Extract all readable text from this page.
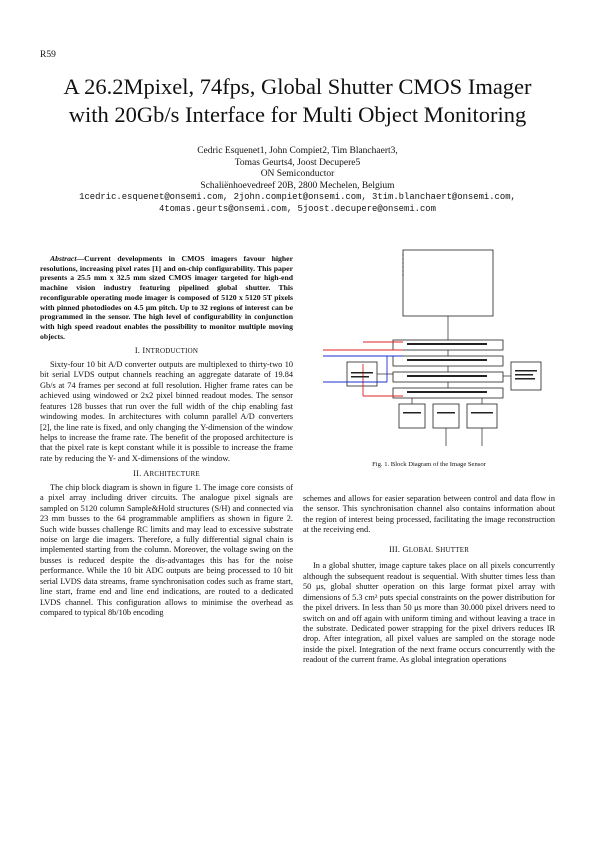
R59
A 26.2Mpixel, 74fps, Global Shutter CMOS Imager
with 20Gb/s Interface for Multi Object Monitoring
Cedric Esquenet1, John Compiet2, Tim Blanchaert3,
Tomas Geurts4, Joost Decupere5
ON Semiconductor
Schaliënhoevedreef 20B, 2800 Mechelen, Belgium
1cedric.esquenet@onsemi.com, 2john.compiet@onsemi.com, 3tim.blanchaert@onsemi.com,
4tomas.geurts@onsemi.com, 5joost.decupere@onsemi.com
Abstract—Current developments in CMOS imagers favour higher resolutions, increasing pixel rates [1] and on-chip configurability. This paper presents a 25.5 mm x 32.5 mm sized CMOS imager targeted for high-end machine vision industry featuring pipelined global shutter. This reconfigurable operating mode imager is composed of 5120 x 5120 5T pixels with pinned photodiodes on 4.5 μm pitch. Up to 32 regions of interest can be programmed in the sensor. The high level of configurability in conjunction with high speed readout enables the possibility to monitor multiple moving objects.
I. INTRODUCTION

Sixty-four 10 bit A/D converter outputs are multiplexed to thirty-two 10 bit serial LVDS output channels reaching an aggregate datarate of 19.84 Gb/s at 74 frames per second at full resolution. Higher frame rates can be achieved using windowed or 2x2 pixel binned readout modes. The sensor features 128 busses that run over the full width of the chip enabling fast windowing modes. In architectures with column parallel A/D converters [2], the line rate is fixed, and only changing the Y-dimension of the window helps to increase the frame rate. The benefit of the proposed architecture is that the pixel rate is kept constant while it is possible to increase the frame rate by reducing the Y- and X-dimensions of the window.

II. ARCHITECTURE

The chip block diagram is shown in figure 1. The image core consists of a pixel array including driver circuits. The analogue pixel signals are sampled on 5120 column Sample&Hold structures (S/H) and connected via 23 mm busses to the 64 programmable amplifiers as shown in figure 2. Such wide busses challenge RC limits and may lead to excessive substrate noise on large die imagers. Therefore, a fully differential signal chain is implemented starting from the column. Moreover, the voltage swing on the busses is reduced despite the dis-advantages this has for the noise performance. While the 10 bit ADC outputs are being processed to 10 bit serial LVDS data streams, frame synchronisation codes such as frame start, line start, frame end and line end indications, are routed to a dedicated LVDS channel. This configuration allows to minimise the overhead as compared to typical 8b/10b encoding

Fig. 1. Block Diagram of the Image Sensor
schemes and allows for easier separation between control and data flow in the sensor. This synchronisation channel also contains information about the region of interest being processed, facilitating the image reconstruction at the receiving end.
III. GLOBAL SHUTTER

In a global shutter, image capture takes place on all pixels concurrently although the subsequent readout is sequential. With shutter times less than 50 μs, global shutter operation on this large format pixel array with dimensions of 5.3 cm² puts special constraints on the power distribution for the pixel drivers. In less than 50 μs more than 30.000 pixel drivers need to switch on and off again with uniform timing and without leaving a trace in the substrate. Dedicated power strapping for the pixel drivers reduces IR drop. After integration, all pixel values are sampled on the storage node inside the pixel. Integration of the next frame occurs concurrently with the readout of the current frame. As global integration operations
